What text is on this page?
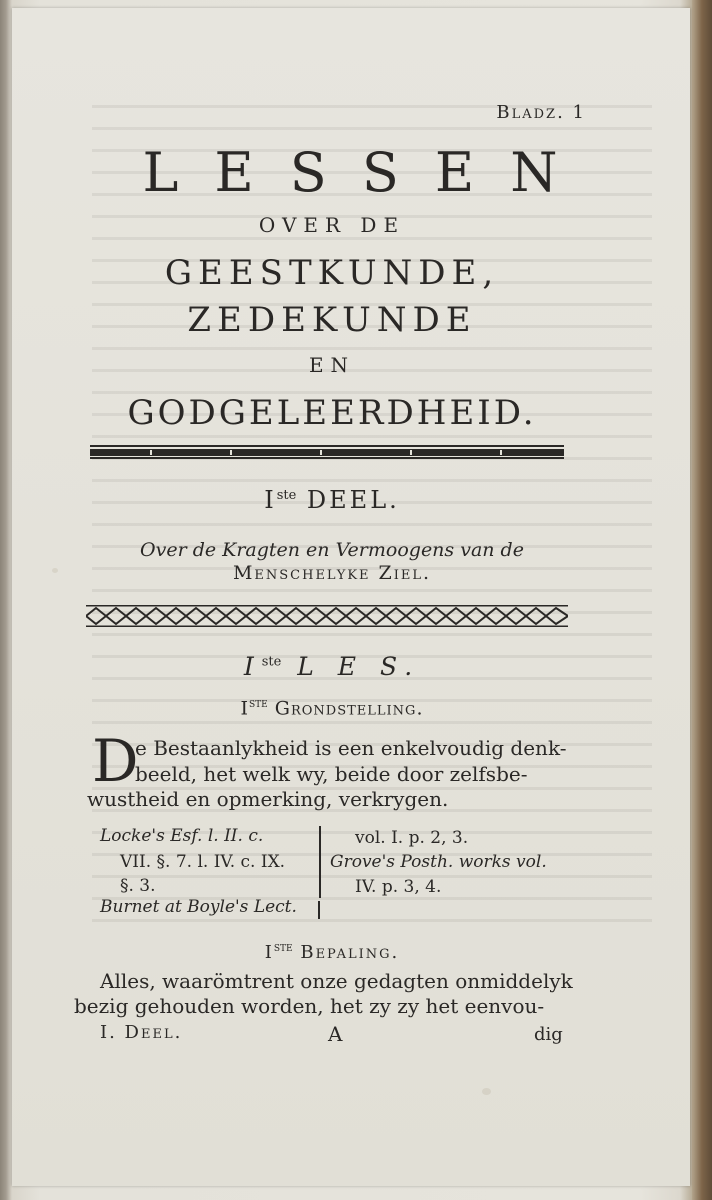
Bladz. 1
LESSEN
OVER DE
GEESTKUNDE,
ZEDEKUNDE
EN
GODGELEERDHEID.
Iste DEEL.
Over de Kragten en Vermoogens van de
Menschelyke Ziel.
Iste L E S.
Iste Grondstelling.
D
e Bestaanlykheid is een enkelvoudig denk-
beeld, het welk wy, beide door zelfsbe-
wustheid en opmerking, verkrygen.
Locke's Esf. l. II. c.
VII. §. 7. l. IV. c. IX.
§. 3.
Burnet at Boyle's Lect.
vol. I. p. 2, 3.
Grove's Posth. works vol.
IV. p. 3, 4.
Iste Bepaling.
Alles, waarömtrent onze gedagten onmiddelyk
bezig gehouden worden, het zy zy het eenvou-
I. Deel.	A	dig
